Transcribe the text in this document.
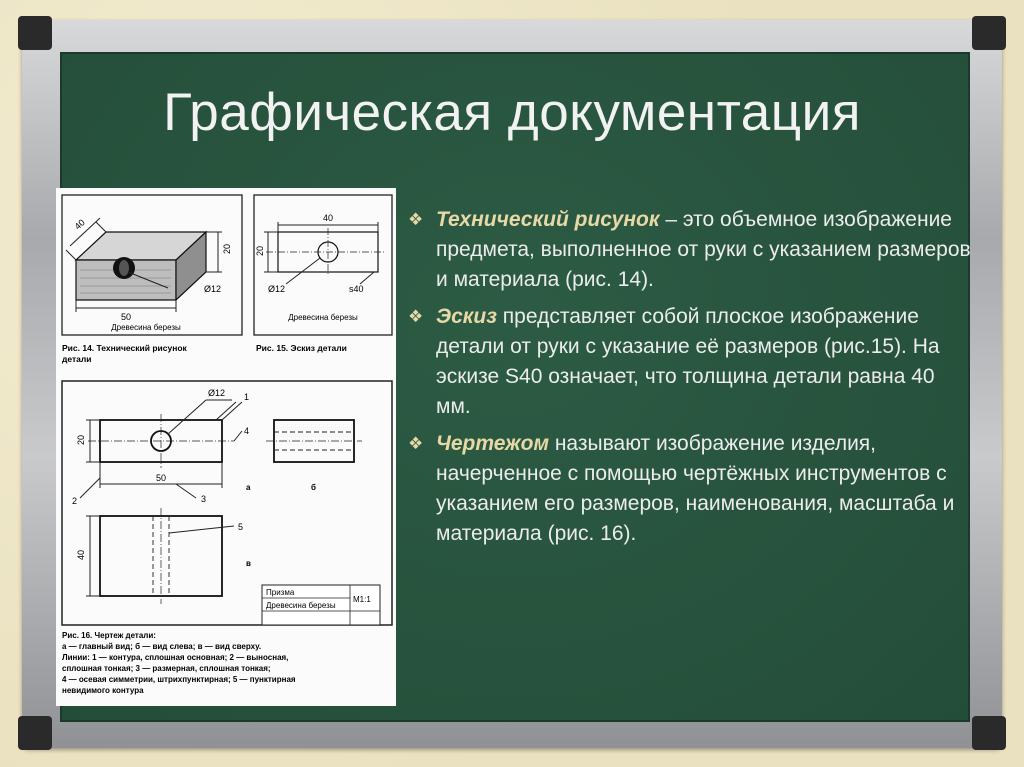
Графическая документация
50
40
20
Ø12
Древесина березы
Рис. 14. Технический рисунок
детали
40
20
Ø12	s40
Древесина березы
Рис. 15. Эскиз детали
Ø12 1
4
2	3
20
50
а	б
5
40
в
Призма
Древесина березы
М1:1
Рис. 16. Чертеж детали:
а — главный вид; б — вид слева; в — вид сверху.
Линии: 1 — контура, сплошная основная; 2 — выносная,
сплошная тонкая; 3 — размерная, сплошная тонкая;
4 — осевая симметрии, штрихпунктирная; 5 — пунктирная
невидимого контура
❖ Технический рисунок – это объемное изображение предмета, выполненное от руки с указанием размеров и материала (рис. 14).
❖ Эскиз представляет собой плоское изображение детали от руки с указание её размеров (рис.15). На эскизе S40 означает, что толщина детали равна 40 мм.
❖ Чертежом называют изображение изделия, начерченное с помощью чертёжных инструментов с указанием его размеров, наименования, масштаба и материала (рис. 16).
